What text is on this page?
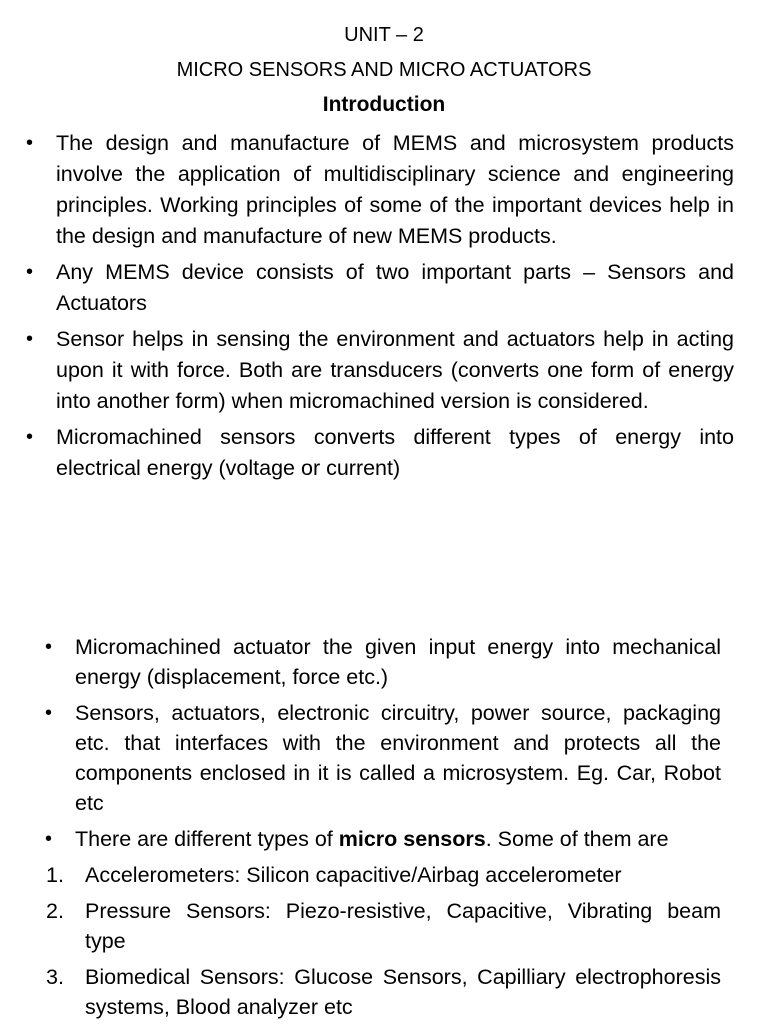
UNIT – 2
MICRO SENSORS AND MICRO ACTUATORS
Introduction
• The design and manufacture of MEMS and microsystem products involve the application of multidisciplinary science and engineering principles. Working principles of some of the important devices help in the design and manufacture of new MEMS products.
• Any MEMS device consists of two important parts – Sensors and Actuators
• Sensor helps in sensing the environment and actuators help in acting upon it with force. Both are transducers (converts one form of energy into another form) when micromachined version is considered.
• Micromachined sensors converts different types of energy into electrical energy (voltage or current)
• Micromachined actuator the given input energy into mechanical energy (displacement, force etc.)
• Sensors, actuators, electronic circuitry, power source, packaging etc. that interfaces with the environment and protects all the components enclosed in it is called a microsystem. Eg. Car, Robot etc
• There are different types of micro sensors. Some of them are
1. Accelerometers: Silicon capacitive/Airbag accelerometer
2. Pressure Sensors: Piezo-resistive, Capacitive, Vibrating beam type
3. Biomedical Sensors: Glucose Sensors, Capilliary electrophoresis systems, Blood analyzer etc
